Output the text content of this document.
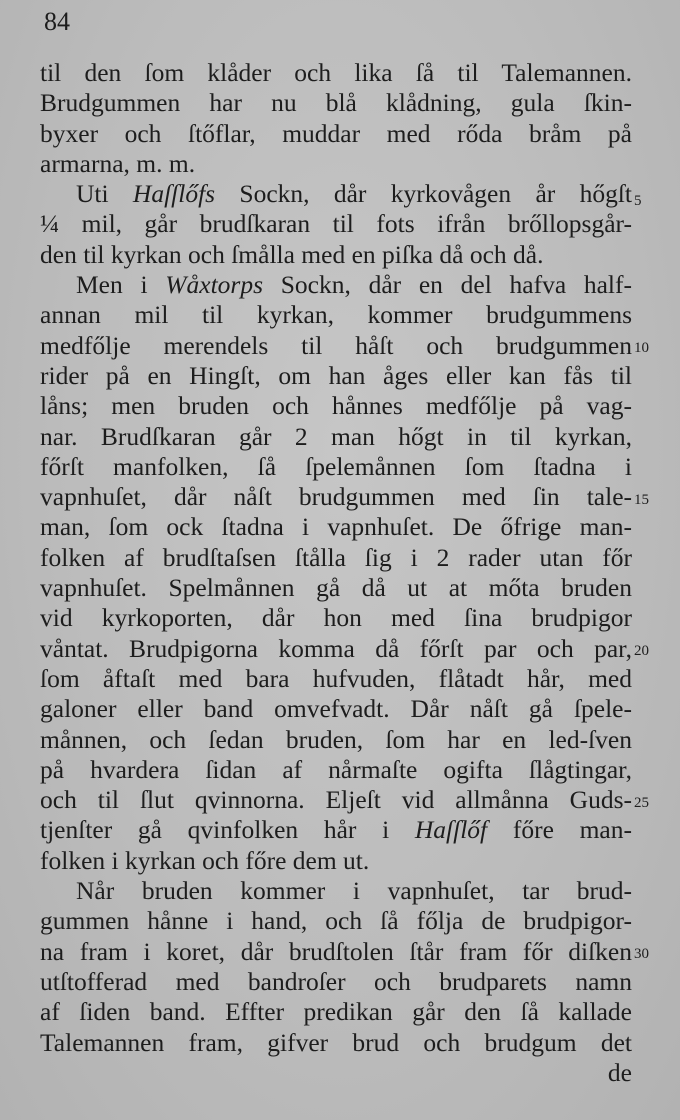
84
til den ſom klåder och lika ſå til Talemannen.
Brudgummen har nu blå klådning, gula ſkin-
byxer och ſtőflar, muddar med rőda bråm på
armarna, m. m.
Uti Haſſlőfs Sockn, dår kyrkovågen år hőgſt
¼ mil, går brudſkaran til fots ifrån brőllopsgår-
den til kyrkan och ſmålla med en piſka då och då.
Men i Wåxtorps Sockn, dår en del hafva half-
annan mil til kyrkan, kommer brudgummens
medfőlje merendels til håſt och brudgummen
rider på en Hingſt, om han åges eller kan fås til
låns; men bruden och hånnes medfőlje på vag-
nar. Brudſkaran går 2 man hőgt in til kyrkan,
főrſt manfolken, ſå ſpelemånnen ſom ſtadna i
vapnhuſet, dår nåſt brudgummen med ſin tale-
man, ſom ock ſtadna i vapnhuſet. De őfrige man-
folken af brudſtaſsen ſtålla ſig i 2 rader utan főr
vapnhuſet. Spelmånnen gå då ut at mőta bruden
vid kyrkoporten, dår hon med ſina brudpigor
våntat. Brudpigorna komma då főrſt par och par,
ſom åftaſt med bara hufvuden, flåtadt hår, med
galoner eller band omvefvadt. Dår nåſt gå ſpele-
månnen, och ſedan bruden, ſom har en led-ſven
på hvardera ſidan af nårmaſte ogifta ſlågtingar,
och til ſlut qvinnorna. Eljeſt vid allmånna Guds-
tjenſter gå qvinfolken hår i Haſſlőf főre man-
folken i kyrkan och főre dem ut.
Når bruden kommer i vapnhuſet, tar brud-
gummen hånne i hand, och ſå főlja de brudpigor-
na fram i koret, dår brudſtolen ſtår fram főr diſken
utſtofferad med bandroſer och brudparets namn
af ſiden band. Effter predikan går den ſå kallade
Talemannen fram, gifver brud och brudgum det
de
5
10
15
20
25
30
